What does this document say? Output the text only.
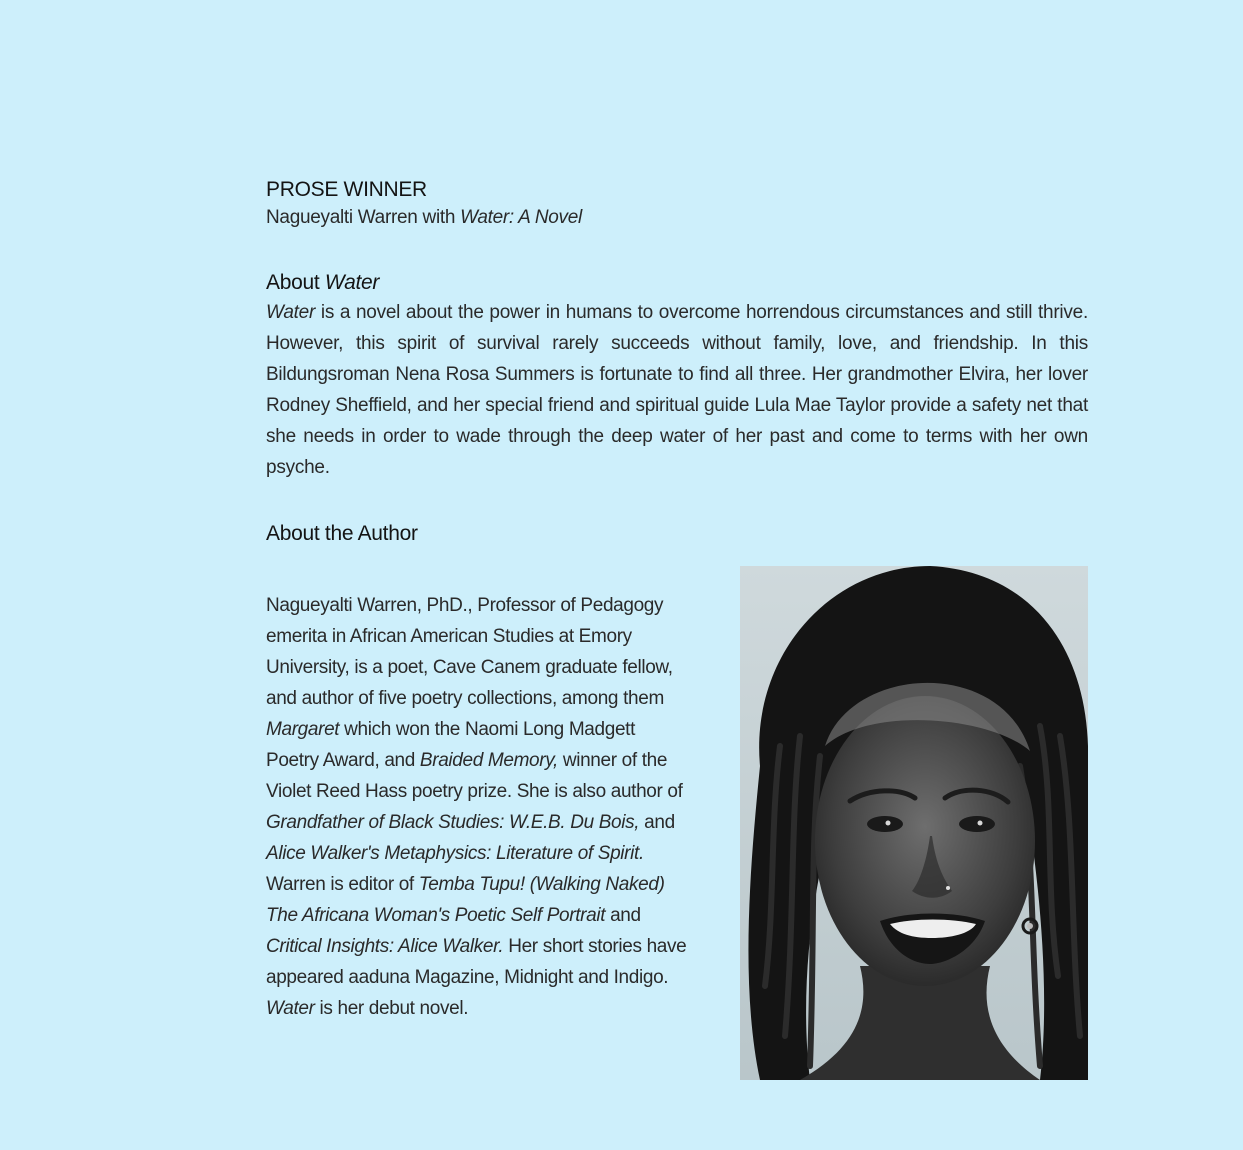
PROSE WINNER
Nagueyalti Warren with Water: A Novel
About Water

Water is a novel about the power in humans to overcome horrendous circumstances and still thrive. However, this spirit of survival rarely succeeds without family, love, and friendship. In this Bildungsroman Nena Rosa Summers is fortunate to find all three. Her grandmother Elvira, her lover Rodney Sheffield, and her special friend and spiritual guide Lula Mae Taylor provide a safety net that she needs in order to wade through the deep water of her past and come to terms with her own psyche.

About the Author

Nagueyalti Warren, PhD., Professor of Pedagogy
emerita in African American Studies at Emory
University, is a poet, Cave Canem graduate fellow,
and author of five poetry collections, among them
Margaret which won the Naomi Long Madgett
Poetry Award, and Braided Memory, winner of the
Violet Reed Hass poetry prize. She is also author of
Grandfather of Black Studies: W.E.B. Du Bois, and
Alice Walker's Metaphysics: Literature of Spirit.
Warren is editor of Temba Tupu! (Walking Naked)
The Africana Woman's Poetic Self Portrait and
Critical Insights: Alice Walker. Her short stories have
appeared aaduna Magazine, Midnight and Indigo.
Water is her debut novel.
